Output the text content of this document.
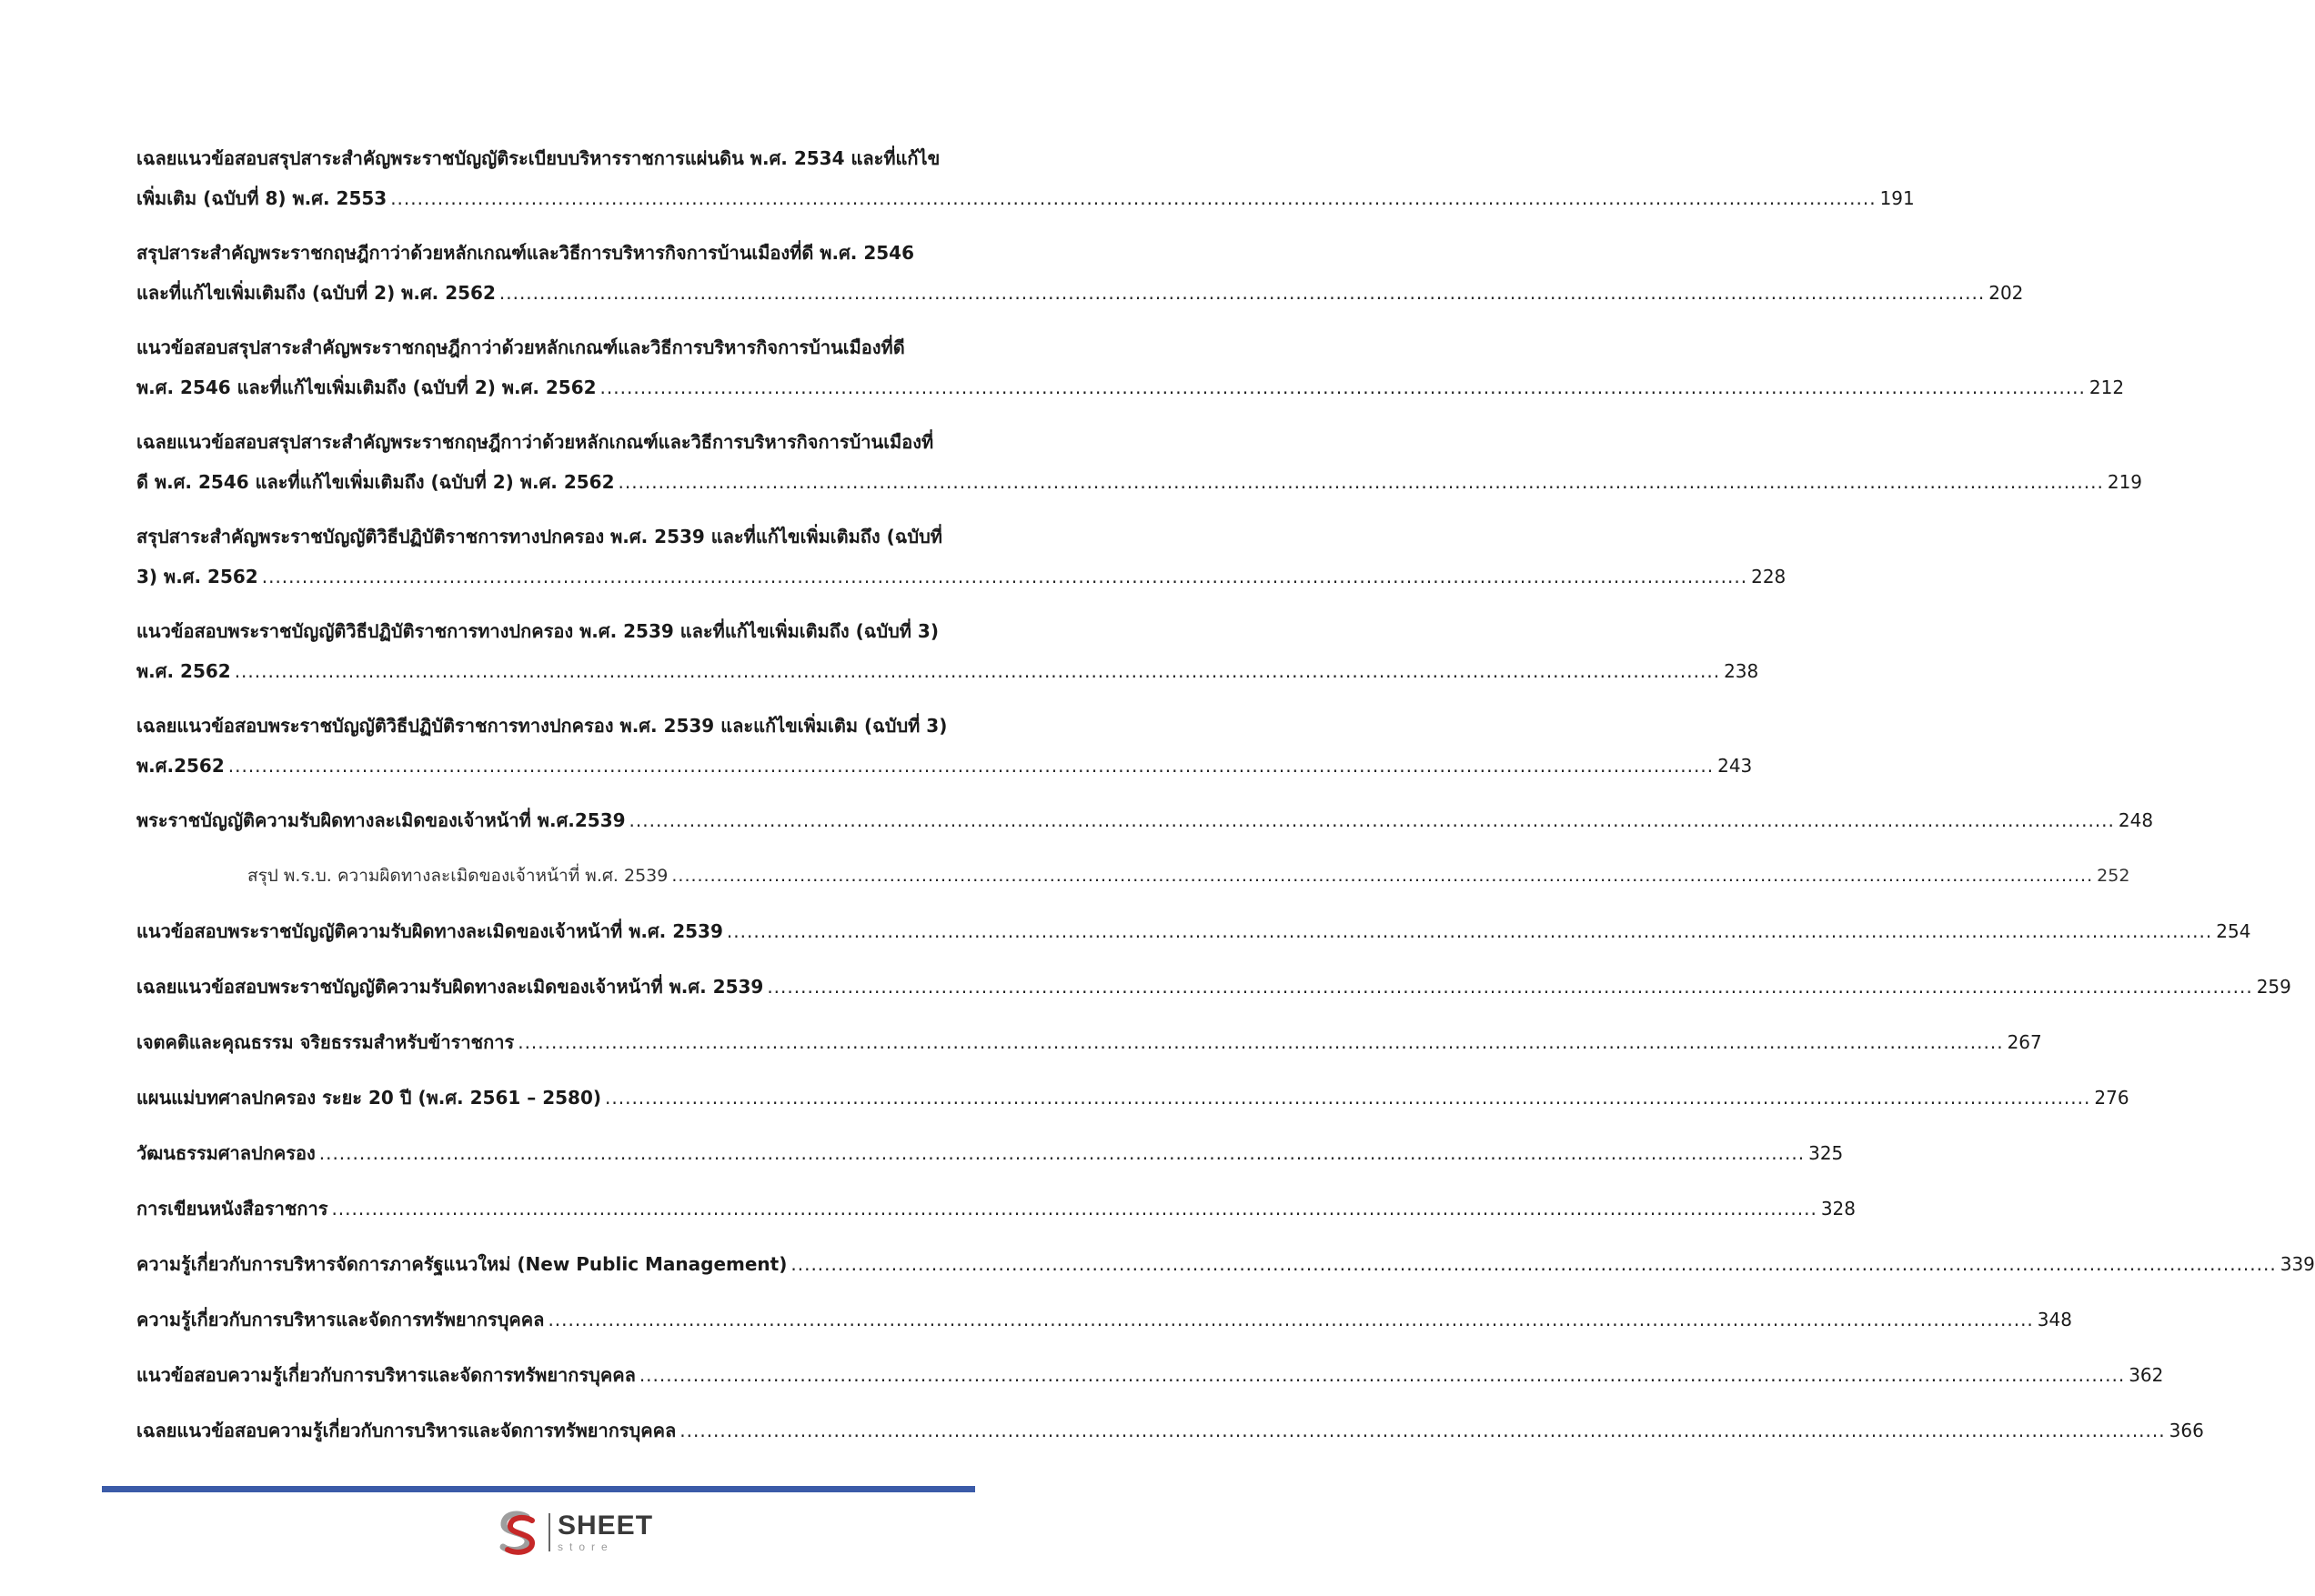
เฉลยแนวข้อสอบสรุปสาระสำคัญพระราชบัญญัติระเบียบบริหารราชการแผ่นดิน พ.ศ. 2534 และที่แก้ไข
เพิ่มเติม (ฉบับที่ 8) พ.ศ. 2553 .............................................................................................................................................................................................................................. 191
สรุปสาระสำคัญพระราชกฤษฎีกาว่าด้วยหลักเกณฑ์และวิธีการบริหารกิจการบ้านเมืองที่ดี พ.ศ. 2546
และที่แก้ไขเพิ่มเติมถึง (ฉบับที่ 2) พ.ศ. 2562 .............................................................................................................................................................................................................................. 202
แนวข้อสอบสรุปสาระสำคัญพระราชกฤษฎีกาว่าด้วยหลักเกณฑ์และวิธีการบริหารกิจการบ้านเมืองที่ดี
พ.ศ. 2546 และที่แก้ไขเพิ่มเติมถึง (ฉบับที่ 2) พ.ศ. 2562 .............................................................................................................................................................................................................................. 212
เฉลยแนวข้อสอบสรุปสาระสำคัญพระราชกฤษฎีกาว่าด้วยหลักเกณฑ์และวิธีการบริหารกิจการบ้านเมืองที่
ดี พ.ศ. 2546 และที่แก้ไขเพิ่มเติมถึง (ฉบับที่ 2) พ.ศ. 2562 .............................................................................................................................................................................................................................. 219
สรุปสาระสำคัญพระราชบัญญัติวิธีปฏิบัติราชการทางปกครอง พ.ศ. 2539 และที่แก้ไขเพิ่มเติมถึง (ฉบับที่
3) พ.ศ. 2562 .............................................................................................................................................................................................................................. 228
แนวข้อสอบพระราชบัญญัติวิธีปฏิบัติราชการทางปกครอง พ.ศ. 2539 และที่แก้ไขเพิ่มเติมถึง (ฉบับที่ 3)
พ.ศ. 2562 .............................................................................................................................................................................................................................. 238
เฉลยแนวข้อสอบพระราชบัญญัติวิธีปฏิบัติราชการทางปกครอง พ.ศ. 2539 และแก้ไขเพิ่มเติม (ฉบับที่ 3)
พ.ศ.2562 .............................................................................................................................................................................................................................. 243
พระราชบัญญัติความรับผิดทางละเมิดของเจ้าหน้าที่ พ.ศ.2539 .............................................................................................................................................................................................................................. 248
สรุป พ.ร.บ. ความผิดทางละเมิดของเจ้าหน้าที่ พ.ศ. 2539 .............................................................................................................................................................................................................................. 252
แนวข้อสอบพระราชบัญญัติความรับผิดทางละเมิดของเจ้าหน้าที่ พ.ศ. 2539 .............................................................................................................................................................................................................................. 254
เฉลยแนวข้อสอบพระราชบัญญัติความรับผิดทางละเมิดของเจ้าหน้าที่ พ.ศ. 2539 .............................................................................................................................................................................................................................. 259
เจตคติและคุณธรรม จริยธรรมสำหรับข้าราชการ .............................................................................................................................................................................................................................. 267
แผนแม่บทศาลปกครอง ระยะ 20 ปี (พ.ศ. 2561 – 2580) .............................................................................................................................................................................................................................. 276
วัฒนธรรมศาลปกครอง .............................................................................................................................................................................................................................. 325
การเขียนหนังสือราชการ .............................................................................................................................................................................................................................. 328
ความรู้เกี่ยวกับการบริหารจัดการภาครัฐแนวใหม่ (New Public Management) .............................................................................................................................................................................................................................. 339
ความรู้เกี่ยวกับการบริหารและจัดการทรัพยากรบุคคล .............................................................................................................................................................................................................................. 348
แนวข้อสอบความรู้เกี่ยวกับการบริหารและจัดการทรัพยากรบุคคล .............................................................................................................................................................................................................................. 362
เฉลยแนวข้อสอบความรู้เกี่ยวกับการบริหารและจัดการทรัพยากรบุคคล .............................................................................................................................................................................................................................. 366
SHEET
store
